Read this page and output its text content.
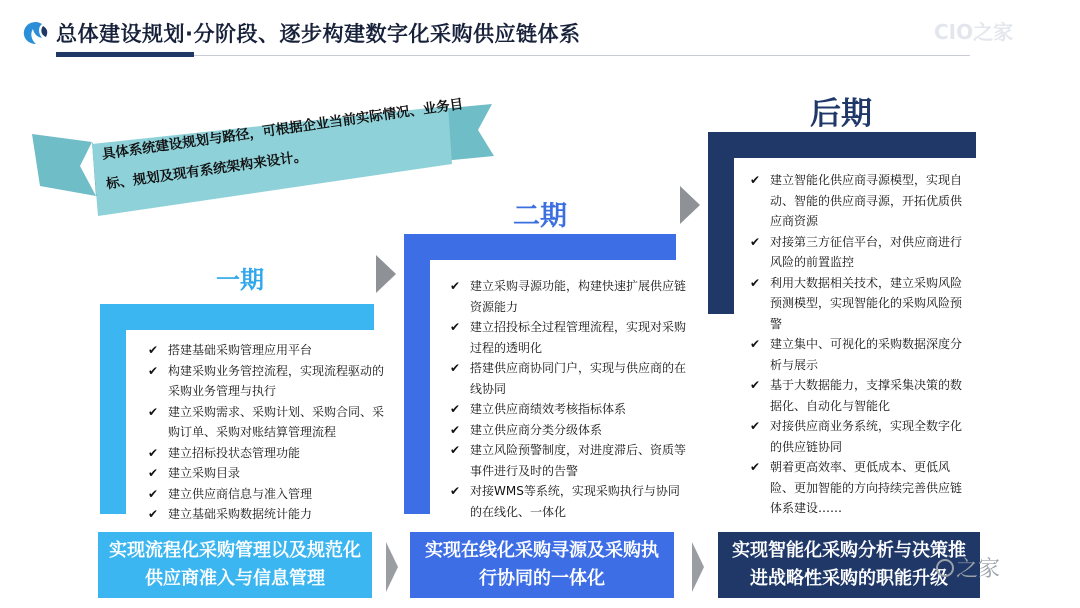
总体建设规划·分阶段、逐步构建数字化采购供应链体系	CIO之家
具体系统建设规划与路径，可根据企业当前实际情况、业务目标、规划及现有系统架构来设计。
一期
二期
后期
✔ 搭建基础采购管理应用平台
✔ 构建采购业务管控流程，实现流程驱动的采购业务管理与执行
✔ 建立采购需求、采购计划、采购合同、采购订单、采购对账结算管理流程
✔ 建立招标投状态管理功能
✔ 建立采购目录
✔ 建立供应商信息与准入管理
✔ 建立基础采购数据统计能力
✔ 建立采购寻源功能，构建快速扩展供应链资源能力
✔ 建立招投标全过程管理流程，实现对采购过程的透明化
✔ 搭建供应商协同门户，实现与供应商的在线协同
✔ 建立供应商绩效考核指标体系
✔ 建立供应商分类分级体系
✔ 建立风险预警制度，对进度滞后、资质等事件进行及时的告警
✔ 对接WMS等系统，实现采购执行与协同的在线化、一体化
✔ 建立智能化供应商寻源模型，实现自动、智能的供应商寻源，开拓优质供应商资源
✔ 对接第三方征信平台，对供应商进行风险的前置监控
✔ 利用大数据相关技术，建立采购风险预测模型，实现智能化的采购风险预警
✔ 建立集中、可视化的采购数据深度分析与展示
✔ 基于大数据能力，支撑采集决策的数据化、自动化与智能化
✔ 对接供应商业务系统，实现全数字化的供应链协同
✔ 朝着更高效率、更低成本、更低风险、更加智能的方向持续完善供应链体系建设……
实现流程化采购管理以及规范化供应商准入与信息管理
实现在线化采购寻源及采购执行协同的一体化
实现智能化采购分析与决策推进战略性采购的职能升级 之家
